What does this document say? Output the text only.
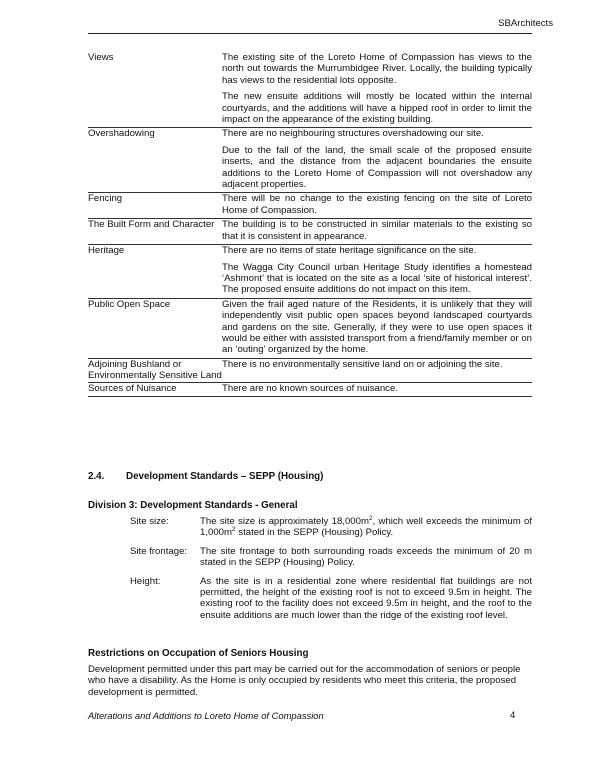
SBArchitects
Views	The existing site of the Loreto Home of Compassion has views to the north out towards the Murrumbidgee River. Locally, the building typically has views to the residential lots opposite.

The new ensuite additions will mostly be located within the internal courtyards, and the additions will have a hipped roof in order to limit the impact on the appearance of the existing building.

Overshadowing	There are no neighbouring structures overshadowing our site.

Due to the fall of the land, the small scale of the proposed ensuite inserts, and the distance from the adjacent boundaries the ensuite additions to the Loreto Home of Compassion will not overshadow any adjacent properties.

Fencing	There will be no change to the existing fencing on the site of Loreto Home of Compassion.

The Built Form and Character	The building is to be constructed in similar materials to the existing so that it is consistent in appearance.

Heritage	There are no items of state heritage significance on the site.

The Wagga City Council urban Heritage Study identifies a homestead ‘Ashmont’ that is located on the site as a local ‘site of historical interest’. The proposed ensuite additions do not impact on this item.

Public Open Space	Given the frail aged nature of the Residents, it is unlikely that they will independently visit public open spaces beyond landscaped courtyards and gardens on the site. Generally, if they were to use open spaces it would be either with assisted transport from a friend/family member or on an ‘outing’ organized by the home.

Adjoining Bushland or Environmentally Sensitive Land	There is no environmentally sensitive land on or adjoining the site.

Sources of Nuisance	There are no known sources of nuisance.

2.4. Development Standards – SEPP (Housing)
Division 3: Development Standards - General
Site size:	The site size is approximately $18,000m^2$, which well exceeds the minimum of $1,000m^2$ stated in the SEPP (Housing) Policy.
Site frontage:	The site frontage to both surrounding roads exceeds the minimum of 20 m stated in the SEPP (Housing) Policy.
Height:	As the site is in a residential zone where residential flat buildings are not permitted, the height of the existing roof is not to exceed 9.5m in height. The existing roof to the facility does not exceed 9.5m in height, and the roof to the ensuite additions are much lower than the ridge of the existing roof level.
Restrictions on Occupation of Seniors Housing
Development permitted under this part may be carried out for the accommodation of seniors or people who have a disability. As the Home is only occupied by residents who meet this criteria, the proposed development is permitted.
Alterations and Additions to Loreto Home of Compassion	4
